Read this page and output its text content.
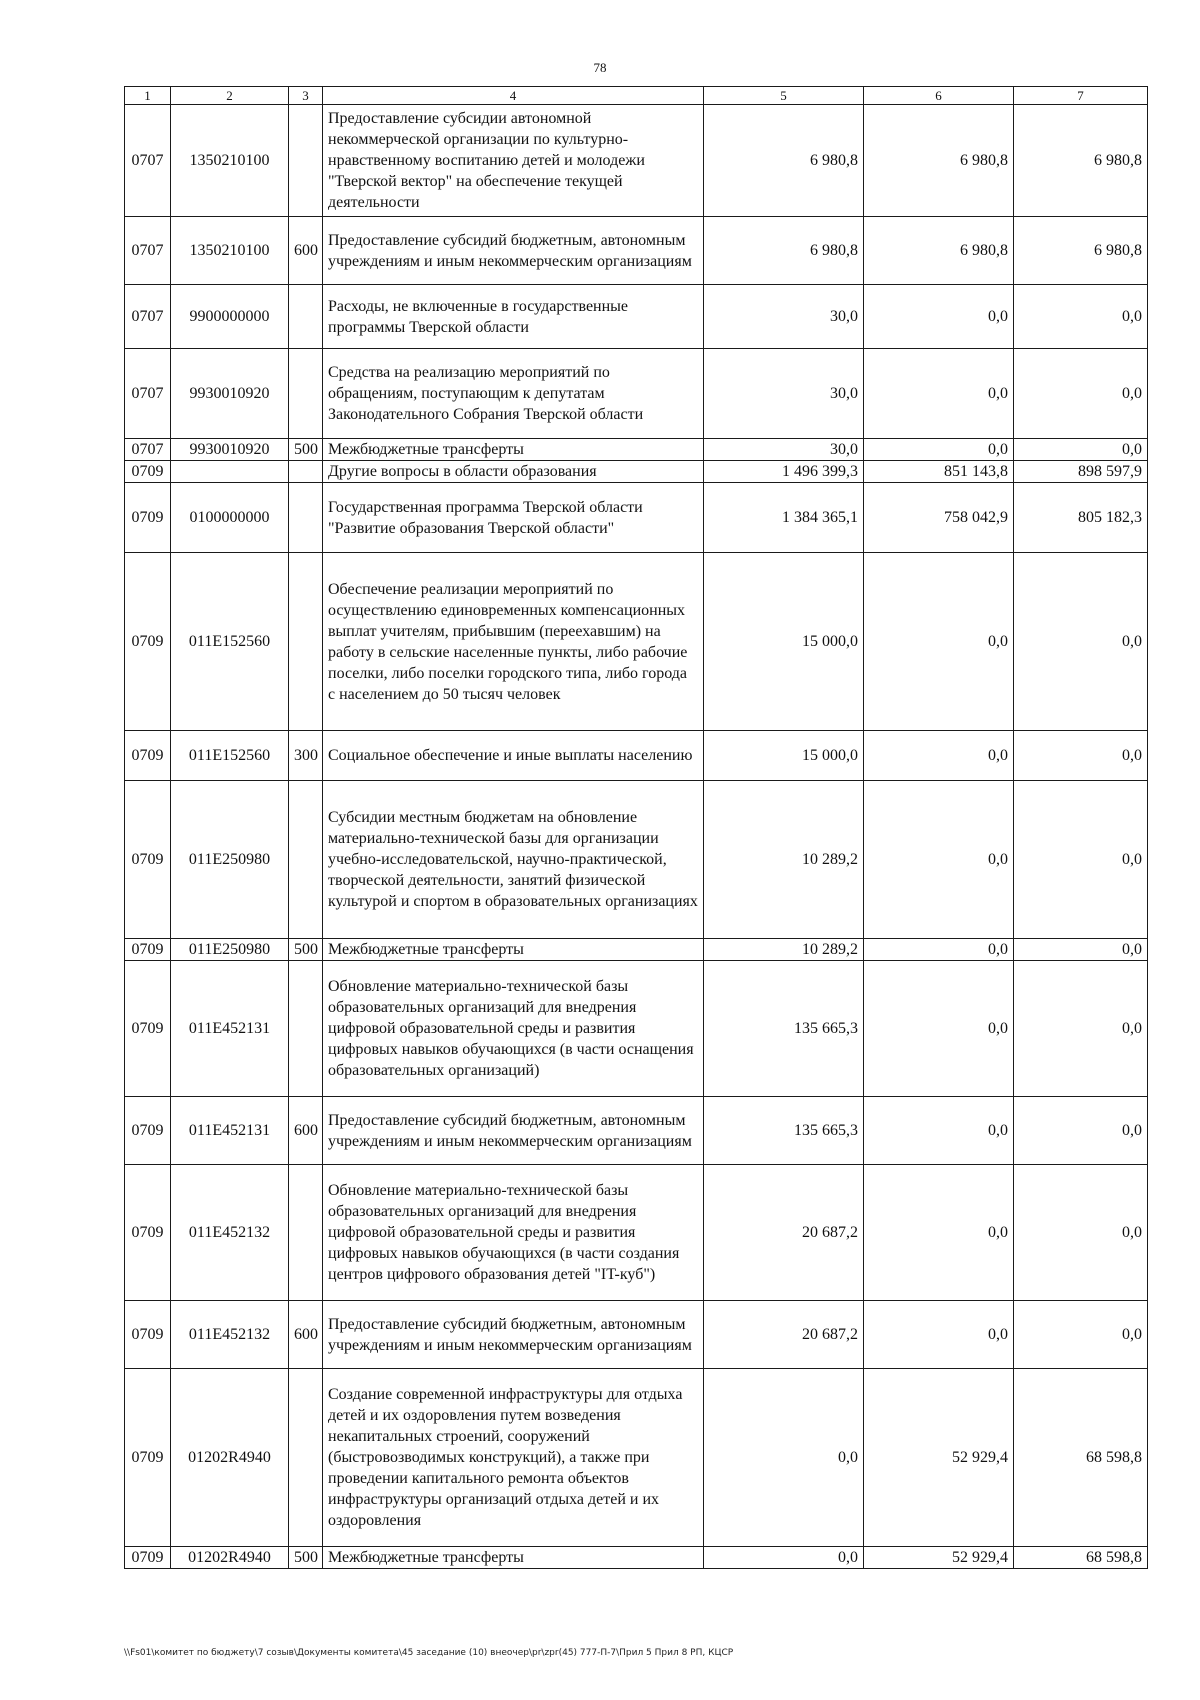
78
1	2	3	4	5	6	7
0707	1350210100		Предоставление субсидии автономной некоммерческой организации по культурно-нравственному воспитанию детей и молодежи "Тверской вектор" на обеспечение текущей деятельности	6 980,8	6 980,8	6 980,8
0707	1350210100	600	Предоставление субсидий бюджетным, автономным учреждениям и иным некоммерческим организациям	6 980,8	6 980,8	6 980,8
0707	9900000000		Расходы, не включенные в государственные программы Тверской области	30,0	0,0	0,0
0707	9930010920		Средства на реализацию мероприятий по обращениям, поступающим к депутатам Законодательного Собрания Тверской области	30,0	0,0	0,0
0707	9930010920	500	Межбюджетные трансферты	30,0	0,0	0,0
0709			Другие вопросы в области образования	1 496 399,3	851 143,8	898 597,9
0709	0100000000		Государственная программа Тверской области "Развитие образования Тверской области"	1 384 365,1	758 042,9	805 182,3
0709	011E152560		Обеспечение реализации мероприятий по осуществлению единовременных компенсационных выплат учителям, прибывшим (переехавшим) на работу в сельские населенные пункты, либо рабочие поселки, либо поселки городского типа, либо города с населением до 50 тысяч человек	15 000,0	0,0	0,0
0709	011E152560	300	Социальное обеспечение и иные выплаты населению	15 000,0	0,0	0,0
0709	011E250980		Субсидии местным бюджетам на обновление материально-технической базы для организации учебно-исследовательской, научно-практической, творческой деятельности, занятий физической культурой и спортом в образовательных организациях	10 289,2	0,0	0,0
0709	011E250980	500	Межбюджетные трансферты	10 289,2	0,0	0,0
0709	011E452131		Обновление материально-технической базы образовательных организаций для внедрения цифровой образовательной среды и развития цифровых навыков обучающихся (в части оснащения образовательных организаций)	135 665,3	0,0	0,0
0709	011E452131	600	Предоставление субсидий бюджетным, автономным учреждениям и иным некоммерческим организациям	135 665,3	0,0	0,0
0709	011E452132		Обновление материально-технической базы образовательных организаций для внедрения цифровой образовательной среды и развития цифровых навыков обучающихся (в части создания центров цифрового образования детей "IT-куб")	20 687,2	0,0	0,0
0709	011E452132	600	Предоставление субсидий бюджетным, автономным учреждениям и иным некоммерческим организациям	20 687,2	0,0	0,0
0709	01202R4940		Создание современной инфраструктуры для отдыха детей и их оздоровления путем возведения некапитальных строений, сооружений (быстровозводимых конструкций), а также при проведении капитального ремонта объектов инфраструктуры организаций отдыха детей и их оздоровления	0,0	52 929,4	68 598,8
0709	01202R4940	500	Межбюджетные трансферты	0,0	52 929,4	68 598,8
\\Fs01\комитет по бюджету\7 созыв\Документы комитета\45 заседание (10) внеочер\pr\zpr(45) 777-П-7\Прил 5 Прил 8 РП, КЦСР
